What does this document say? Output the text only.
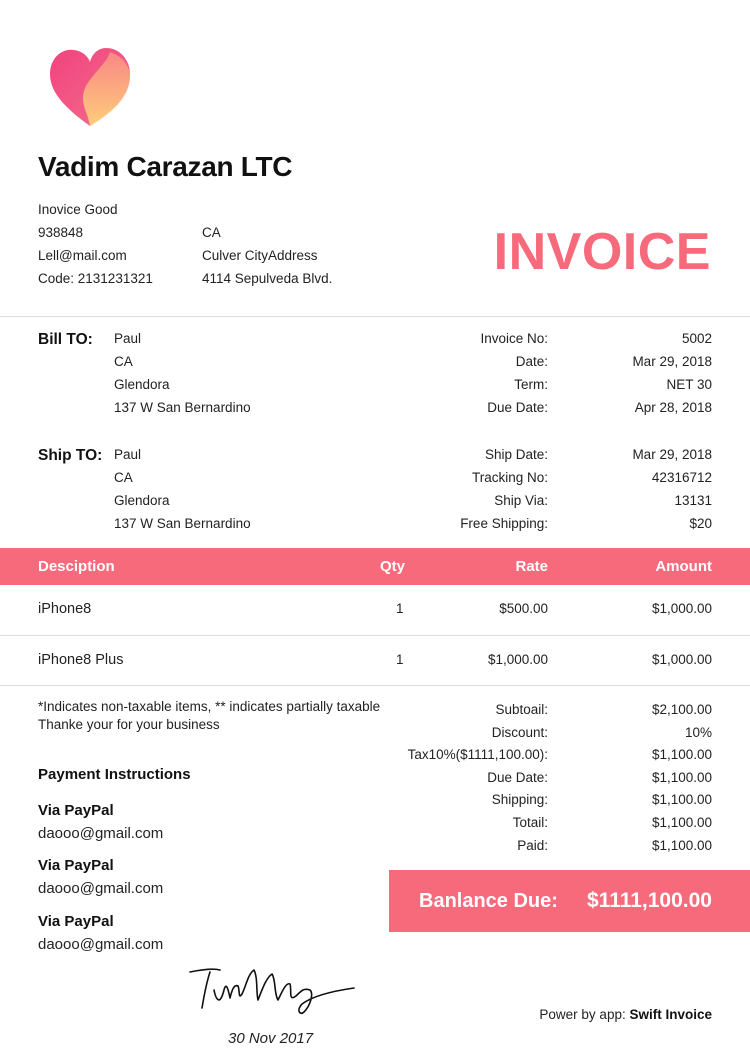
Vadim Carazan LTC
Inovice Good
938848
Lell@mail.com
Code: 2131231321
CA
Culver CityAddress
4114 Sepulveda Blvd.	INVOICE
Bill TO: Paul
CA
Glendora
137 W San Bernardino
Ship TO: Paul
CA
Glendora
137 W San Bernardino
Invoice No:	5002
Date:	Mar 29, 2018
Term:	NET 30
Due Date:	Apr 28, 2018
Ship Date:	Mar 29, 2018
Tracking No:	42316712
Ship Via:	13131
Free Shipping:	$20
Desciption	Qty	Rate	Amount
iPhone8	1	$500.00	$1,000.00
iPhone8 Plus	1	$1,000.00	$1,000.00
*Indicates non-taxable items, ** indicates partially taxable
Thanke your for your business
Payment Instructions
Via PayPal
daooo@gmail.com
Via PayPal
daooo@gmail.com
Via PayPal
daooo@gmail.com
Subtoail:	$2,100.00
Discount:	10%
Tax10%($1111,100.00):	$1,100.00
Due Date:	$1,100.00
Shipping:	$1,100.00
Totail:	$1,100.00
Paid:	$1,100.00
Banlance Due: $1111,100.00
30 Nov 2017
Power by app: Swift Invoice
